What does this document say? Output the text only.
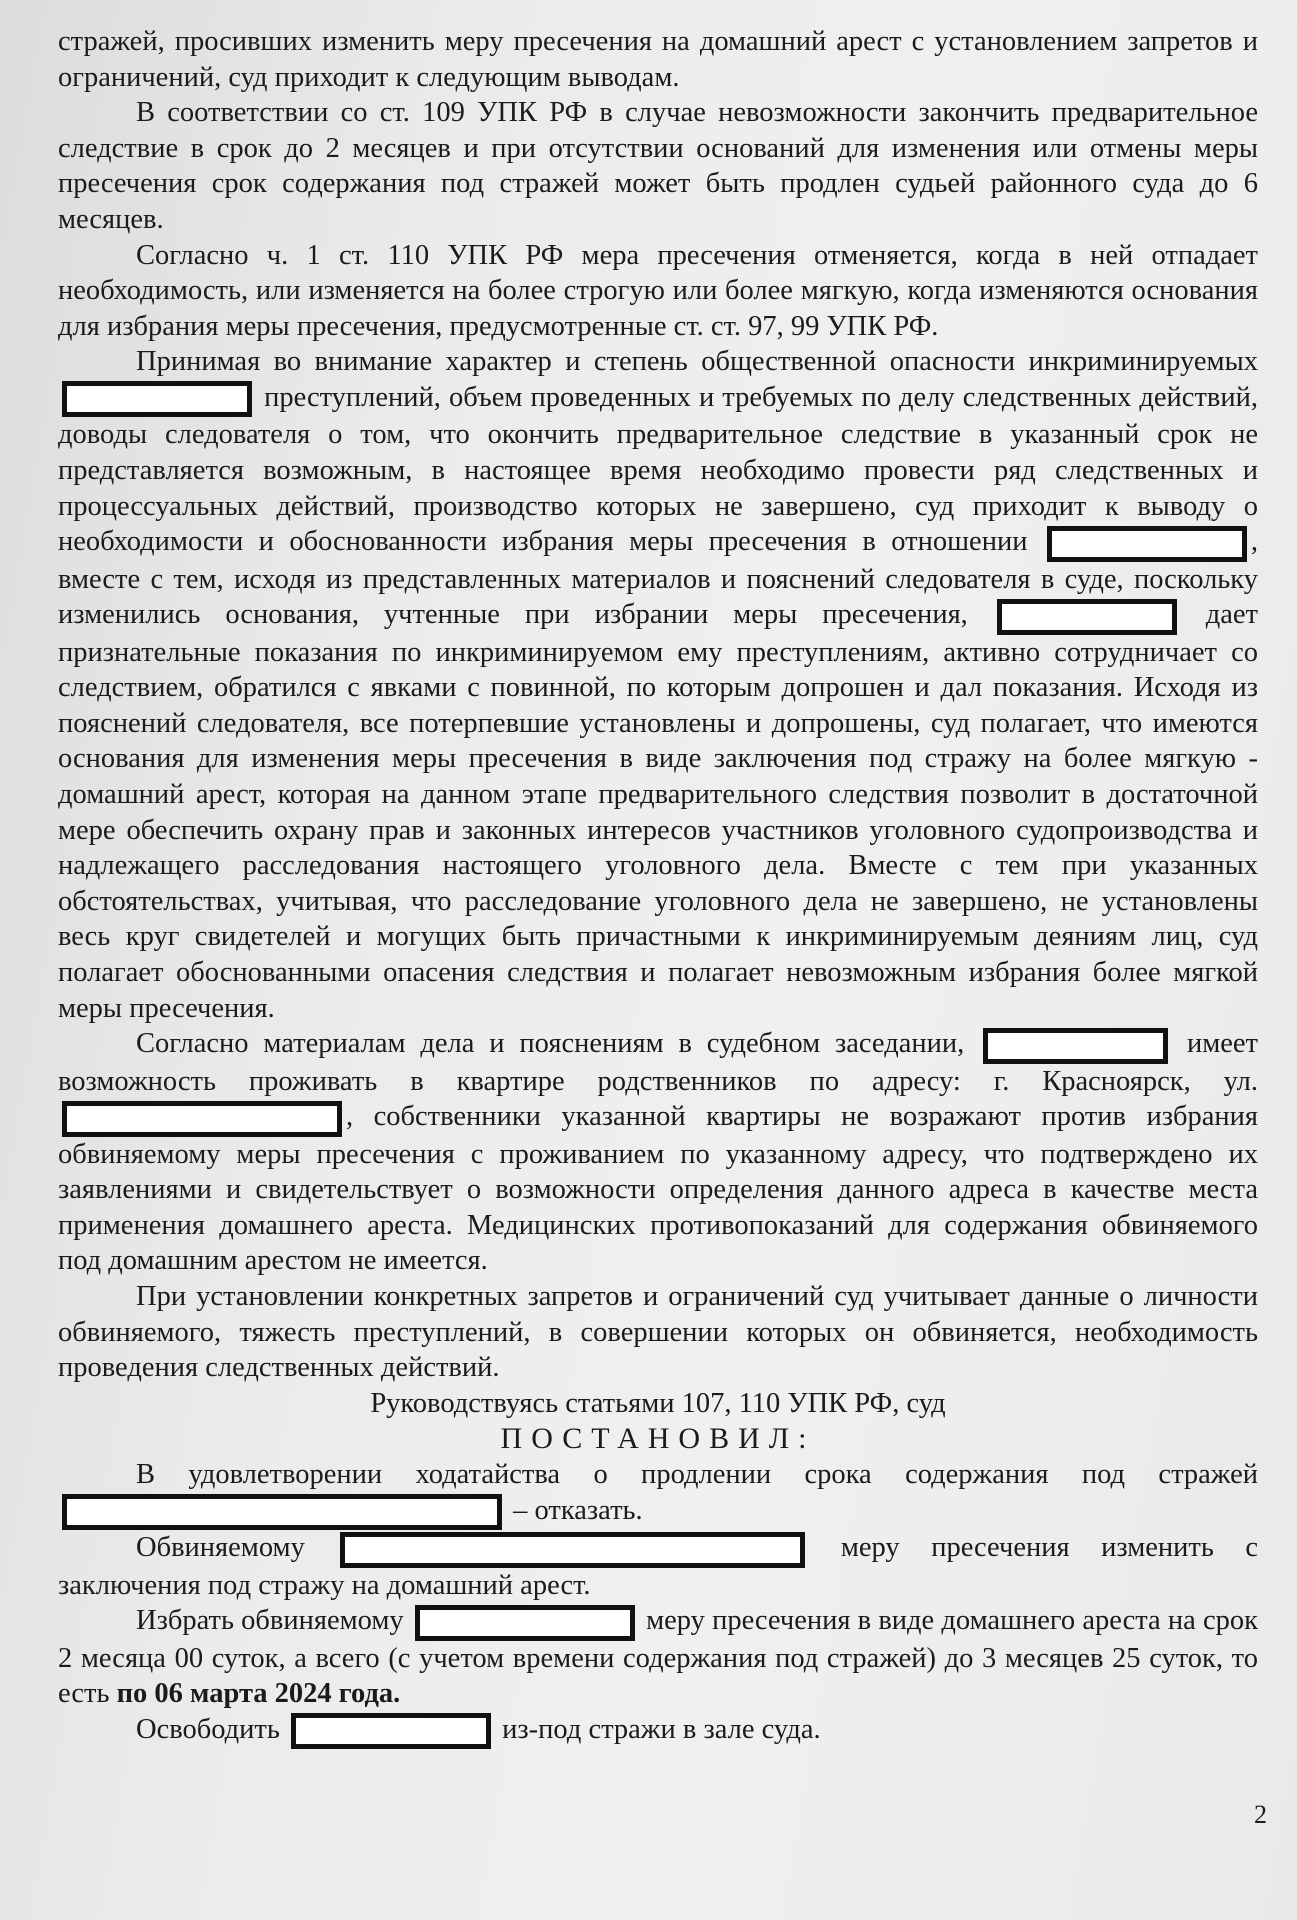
стражей, просивших изменить меру пресечения на домашний арест с установлением запретов и ограничений, суд приходит к следующим выводам.

В соответствии со ст. 109 УПК РФ в случае невозможности закончить предварительное следствие в срок до 2 месяцев и при отсутствии оснований для изменения или отмены меры пресечения срок содержания под стражей может быть продлен судьей районного суда до 6 месяцев.

Согласно ч. 1 ст. 110 УПК РФ мера пресечения отменяется, когда в ней отпадает необходимость, или изменяется на более строгую или более мягкую, когда изменяются основания для избрания меры пресечения, предусмотренные ст. ст. 97, 99 УПК РФ.

Принимая во внимание характер и степень общественной опасности инкриминируемых  преступлений, объем проведенных и требуемых по делу следственных действий, доводы следователя о том, что окончить предварительное следствие в указанный срок не представляется возможным, в настоящее время необходимо провести ряд следственных и процессуальных действий, производство которых не завершено, суд приходит к выводу о необходимости и обоснованности избрания меры пресечения в отношении	, вместе с тем, исходя из представленных материалов и пояснений следователя в суде, поскольку изменились основания, учтенные при избрании меры пресечения,	дает признательные показания по инкриминируемом ему преступлениям, активно сотрудничает со следствием, обратился с явками с повинной, по которым допрошен и дал показания. Исходя из пояснений следователя, все потерпевшие установлены и допрошены, суд полагает, что имеются основания для изменения меры пресечения в виде заключения под стражу на более мягкую - домашний арест, которая на данном этапе предварительного следствия позволит в достаточной мере обеспечить охрану прав и законных интересов участников уголовного судопроизводства и надлежащего расследования настоящего уголовного дела. Вместе с тем при указанных обстоятельствах, учитывая, что расследование уголовного дела не завершено, не установлены весь круг свидетелей и могущих быть причастными к инкриминируемым деяниям лиц, суд полагает обоснованными опасения следствия и полагает невозможным избрания более мягкой меры пресечения.

Согласно материалам дела и пояснениям в судебном заседании,	имеет возможность проживать в квартире родственников по адресу: г. Красноярск, ул. , собственники указанной квартиры не возражают против избрания обвиняемому меры пресечения с проживанием по указанному адресу, что подтверждено их заявлениями и свидетельствует о возможности определения данного адреса в качестве места применения домашнего ареста. Медицинских противопоказаний для содержания обвиняемого под домашним арестом не имеется.

При установлении конкретных запретов и ограничений суд учитывает данные о личности обвиняемого, тяжесть преступлений, в совершении которых он обвиняется, необходимость проведения следственных действий.

Руководствуясь статьями 107, 110 УПК РФ, суд

ПОСТАНОВИЛ:

В удовлетворении ходатайства о продлении срока содержания под стражей  – отказать.

Обвиняемому	меру пресечения изменить с заключения под стражу на домашний арест.

Избрать обвиняемому	меру пресечения в виде домашнего ареста на срок 2 месяца 00 суток, а всего (с учетом времени содержания под стражей) до 3 месяцев 25 суток, то есть по 06 марта 2024 года.

Освободить	из-под стражи в зале суда.

2
